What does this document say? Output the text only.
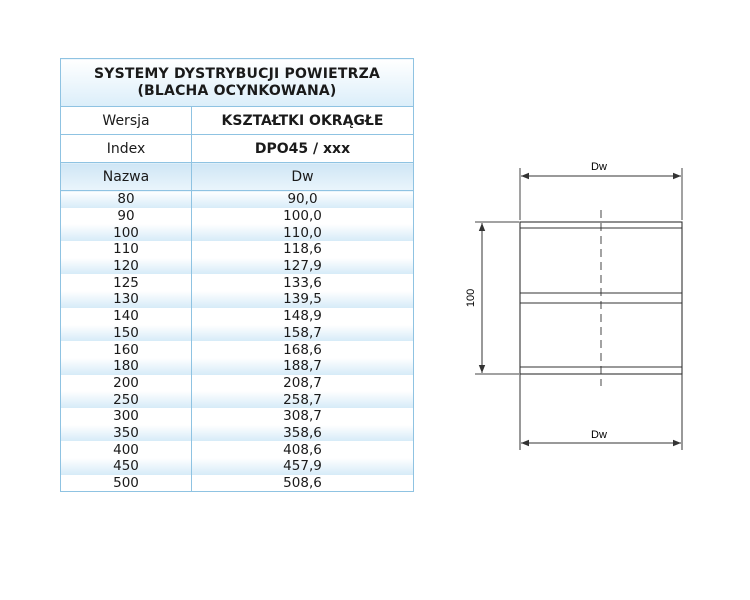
SYSTEMY DYSTRYBUCJI POWIETRZA
(BLACHA OCYNKOWANA)	

Wersja	KSZTAŁTKI OKRĄGŁE
Index	DPO45 / xxx
Nazwa	Dw
80	90,0
90	100,0
100	110,0
110	118,6
120	127,9
125	133,6
130	139,5
140	148,9
150	158,7
160	168,6
180	188,7
200	208,7
250	258,7
300	308,7
350	358,6
400	408,6
450	457,9
500	508,6
Dw
100
Dw
